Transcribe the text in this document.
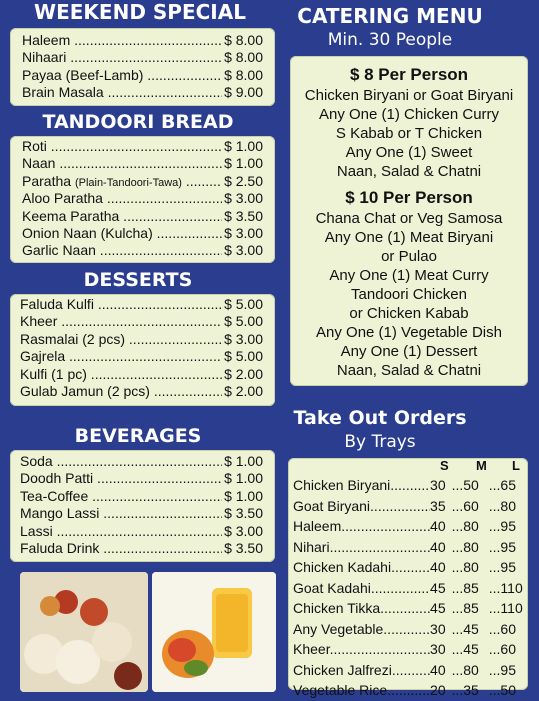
WEEKEND SPECIAL
Haleem .....	$ 8.00
Nihaari .....	$ 8.00
Payaa (Beef-Lamb) .....	$ 8.00
Brain Masala .....	$ 9.00
TANDOORI BREAD
Roti .....	$ 1.00
Naan .....	$ 1.00
Paratha (Plain-Tandoori-Tawa) .....	$ 2.50
Aloo Paratha .....	$ 3.00
Keema Paratha .....	$ 3.50
Onion Naan (Kulcha) .....	$ 3.00
Garlic Naan .....	$ 3.00
DESSERTS
Faluda Kulfi .....	$ 5.00
Kheer .....	$ 5.00
Rasmalai (2 pcs) .....	$ 3.00
Gajrela .....	$ 5.00
Kulfi (1 pc) .....	$ 2.00
Gulab Jamun (2 pcs) .....	$ 2.00
BEVERAGES
Soda .....	$ 1.00
Doodh Patti .....	$ 1.00
Tea-Coffee .....	$ 1.00
Mango Lassi .....	$ 3.50
Lassi .....	$ 3.00
Faluda Drink .....	$ 3.50
CATERING MENU
Min. 30 People
$ 8 Per Person
Chicken Biryani or Goat Biryani
Any One (1) Chicken Curry
S Kabab or T Chicken
Any One (1) Sweet
Naan, Salad & Chatni
$ 10 Per Person
Chana Chat or Veg Samosa
Any One (1) Meat Biryani
or Pulao
Any One (1) Meat Curry
Tandoori Chicken
or Chicken Kabab
Any One (1) Vegetable Dish
Any One (1) Dessert
Naan, Salad & Chatni
Take Out Orders
By Trays
S M L
Chicken Biryani .....	30	... 50	... 65
Goat Biryani .....	35	... 60	... 80
Haleem .....	40	... 80	... 95
Nihari .....	40	... 80	... 95
Chicken Kadahi .....	40	... 80	... 95
Goat Kadahi .....	45	... 85	... 110
Chicken Tikka .....	45	... 85	... 110
Any Vegetable .....	30	... 45	... 60
Kheer .....	30	... 45	... 60
Chicken Jalfrezi .....	40	... 80	... 95
Vegetable Rice .....	20	... 35	... 50
